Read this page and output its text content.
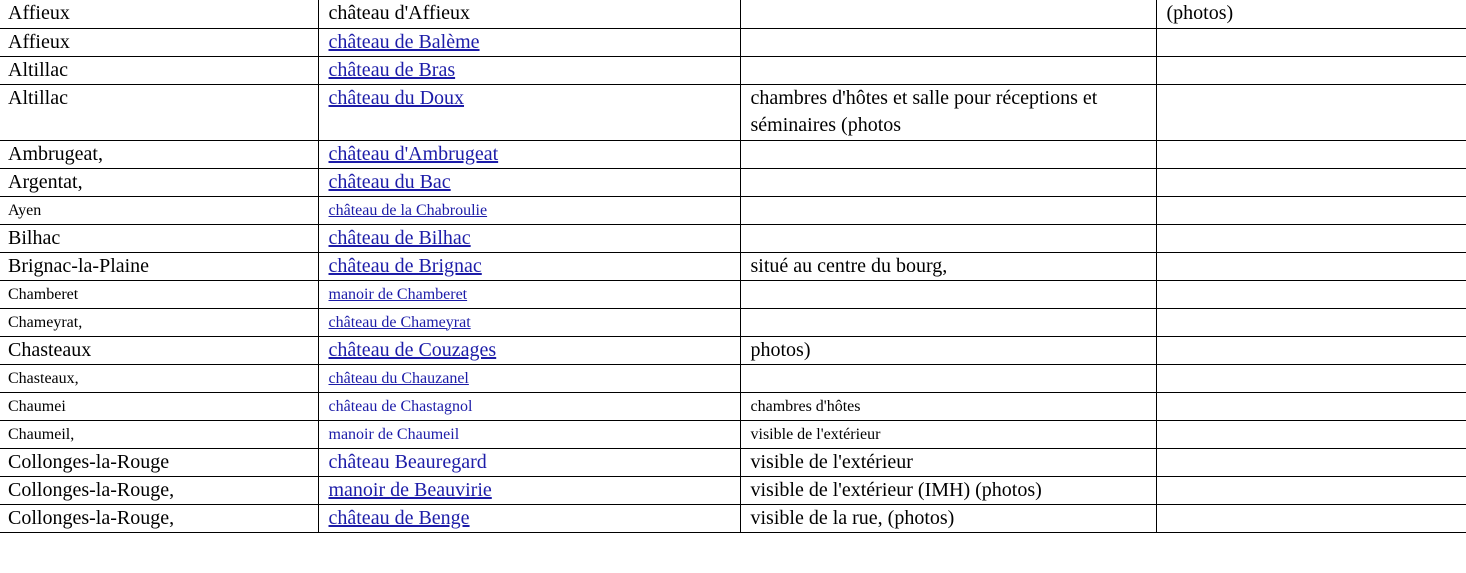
Affieux	château d'Affieux		(photos)
Affieux	château de Balème		
Altillac	château de Bras		
Altillac	château du Doux	chambres d'hôtes et salle pour réceptions et séminaires (photos	
Ambrugeat,	château d'Ambrugeat		
Argentat,	château du Bac		
Ayen	château de la Chabroulie		
Bilhac	château de Bilhac		
Brignac-la-Plaine	château de Brignac	situé au centre du bourg,	
Chamberet	manoir de Chamberet		
Chameyrat,	château de Chameyrat		
Chasteaux	château de Couzages	photos)	
Chasteaux,	château du Chauzanel		
Chaumei	château de Chastagnol	chambres d'hôtes	
Chaumeil,	manoir de Chaumeil	visible de l'extérieur	
Collonges-la-Rouge	château Beauregard	visible de l'extérieur	
Collonges-la-Rouge,	manoir de Beauvirie	visible de l'extérieur (IMH) (photos)	
Collonges-la-Rouge,	château de Benge	visible de la rue, (photos)	
